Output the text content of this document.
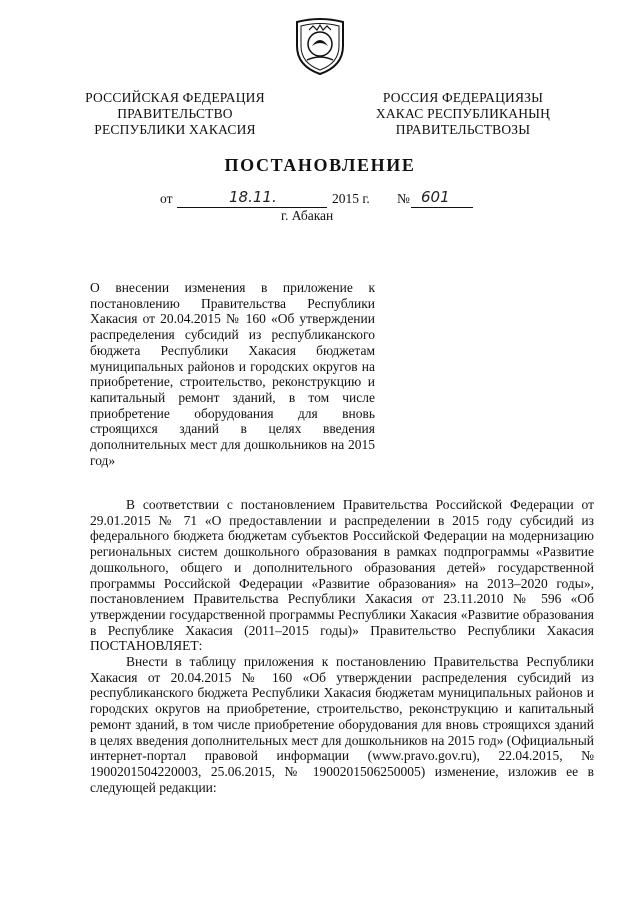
РОССИЙСКАЯ ФЕДЕРАЦИЯ
ПРАВИТЕЛЬСТВО
РЕСПУБЛИКИ ХАКАСИЯ
РОССИЯ ФЕДЕРАЦИЯЗЫ
ХАКАС РЕСПУБЛИКАНЫҢ
ПРАВИТЕЛЬСТВОЗЫ
ПОСТАНОВЛЕНИЕ
от	18.11.	2015 г. № 601
г. Абакан
О внесении изменения в приложение к постановлению Правительства Республики Хакасия от 20.04.2015 № 160 «Об утверждении распределения субсидий из республиканского бюджета Республики Хакасия бюджетам муниципальных районов и городских округов на приобретение, строительство, реконструкцию и капитальный ремонт зданий, в том числе приобретение оборудования для вновь строящихся зданий в целях введения дополнительных мест для дошкольников на 2015 год»

В соответствии с постановлением Правительства Российской Федерации от 29.01.2015 № 71 «О предоставлении и распределении в 2015 году субсидий из федерального бюджета бюджетам субъектов Российской Федерации на модернизацию региональных систем дошкольного образования в рамках подпрограммы «Развитие дошкольного, общего и дополнительного образования детей» государственной программы Российской Федерации «Развитие образования» на 2013–2020 годы», постановлением Правительства Республики Хакасия от 23.11.2010 № 596 «Об утверждении государственной программы Республики Хакасия «Развитие образования в Республике Хакасия (2011–2015 годы)» Правительство Республики Хакасия ПОСТАНОВЛЯЕТ:

Внести в таблицу приложения к постановлению Правительства Республики Хакасия от 20.04.2015 № 160 «Об утверждении распределения субсидий из республиканского бюджета Республики Хакасия бюджетам муниципальных районов и городских округов на приобретение, строительство, реконструкцию и капитальный ремонт зданий, в том числе приобретение оборудования для вновь строящихся зданий в целях введения дополнительных мест для дошкольников на 2015 год» (Официальный интернет-портал правовой информации (www.pravo.gov.ru), 22.04.2015, № 1900201504220003, 25.06.2015, № 1900201506250005) изменение, изложив ее в следующей редакции:
